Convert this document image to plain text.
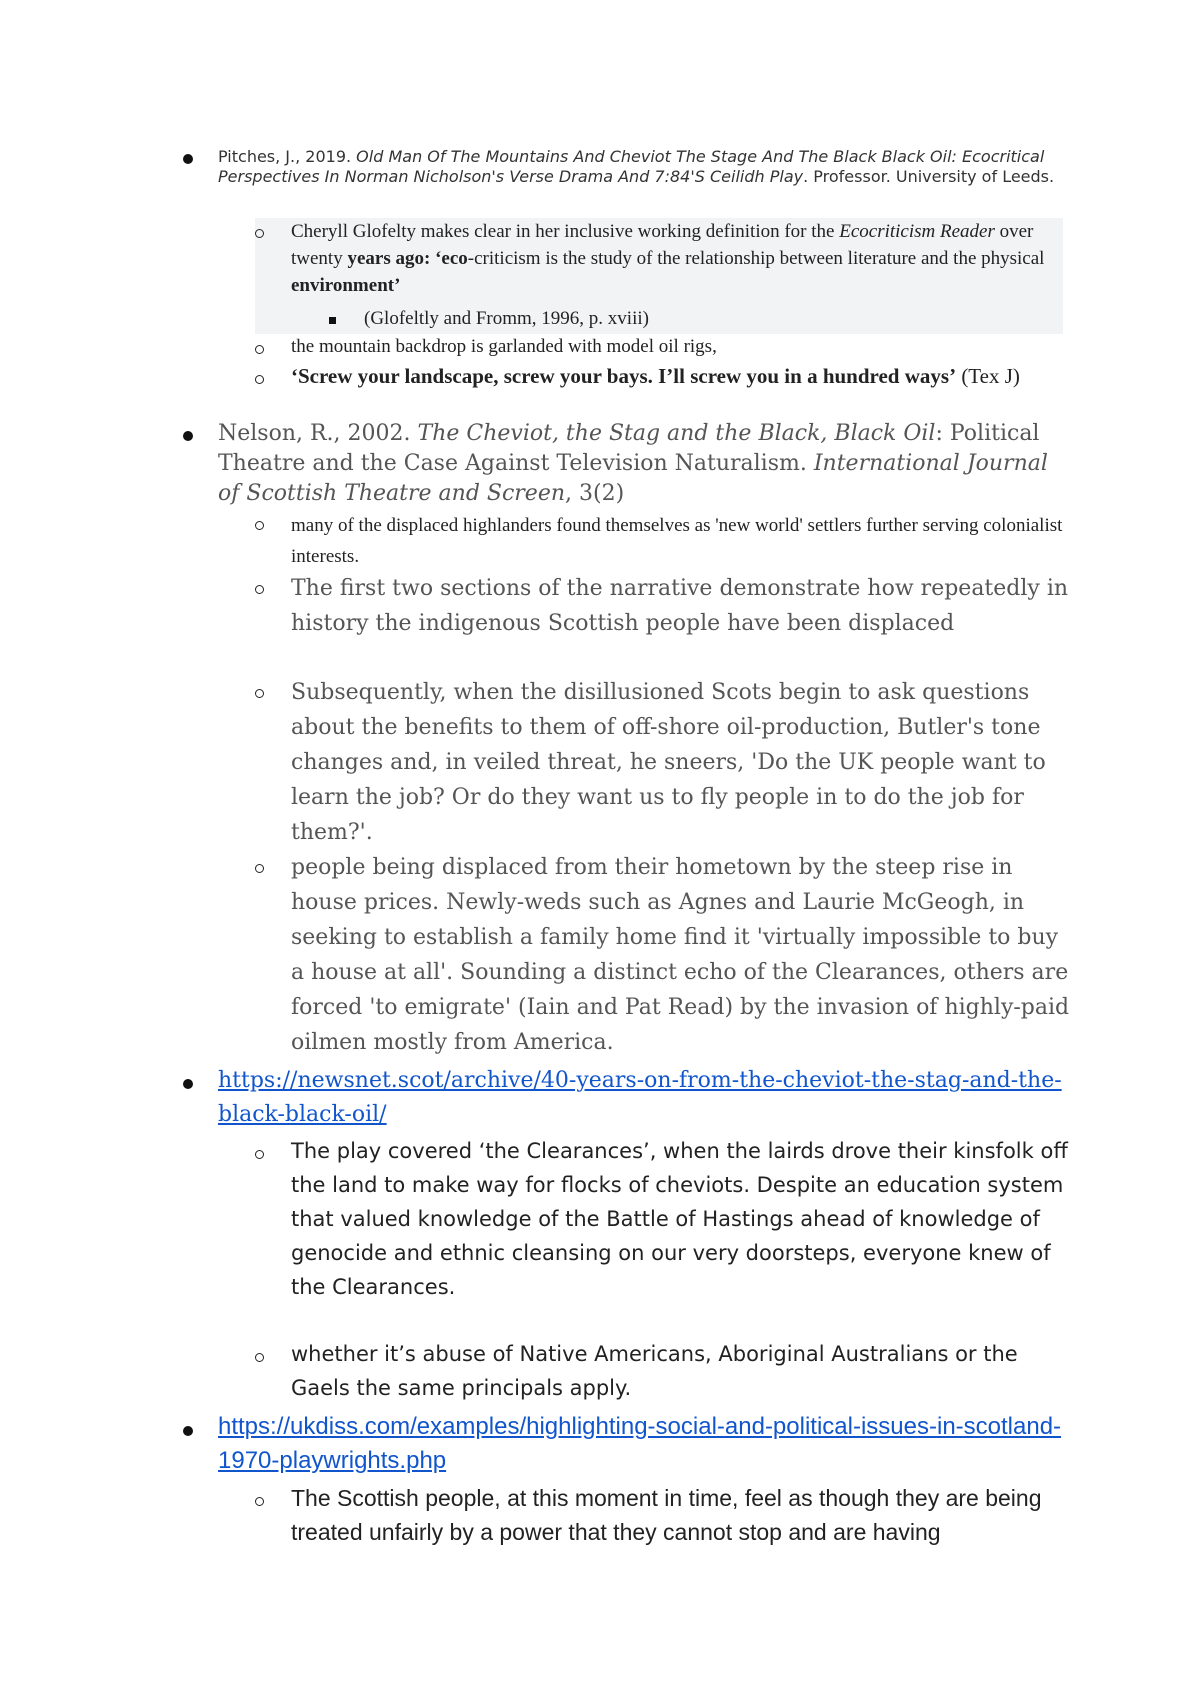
Pitches, J., 2019. Old Man Of The Mountains And Cheviot The Stage And The Black Black Oil: Ecocritical Perspectives In Norman Nicholson's Verse Drama And 7:84'S Ceilidh Play. Professor. University of Leeds.

Cheryll Glofelty makes clear in her inclusive working definition for the Ecocriticism Reader over twenty years ago: ‘eco-criticism is the study of the relationship between literature and the physical environment’

(Glofeltly and Fromm, 1996, p. xviii)

the mountain backdrop is garlanded with model oil rigs,

‘Screw your landscape, screw your bays. I’ll screw you in a hundred ways’ (Tex J)

Nelson, R., 2002. The Cheviot, the Stag and the Black, Black Oil: Political Theatre and the Case Against Television Naturalism. International Journal of Scottish Theatre and Screen, 3(2)

many of the displaced highlanders found themselves as 'new world' settlers further serving colonialist interests.

The first two sections of the narrative demonstrate how repeatedly in history the indigenous Scottish people have been displaced

Subsequently, when the disillusioned Scots begin to ask questions about the benefits to them of off-shore oil-production, Butler's tone changes and, in veiled threat, he sneers, 'Do the UK people want to learn the job? Or do they want us to fly people in to do the job for them?'.

people being displaced from their hometown by the steep rise in house prices. Newly-weds such as Agnes and Laurie McGeogh, in seeking to establish a family home find it 'virtually impossible to buy a house at all'. Sounding a distinct echo of the Clearances, others are forced 'to emigrate' (Iain and Pat Read) by the invasion of highly-paid oilmen mostly from America.

https://newsnet.scot/archive/40-years-on-from-the-cheviot-the-stag-and-the-black-black-oil/

The play covered ‘the Clearances’, when the lairds drove their kinsfolk off the land to make way for flocks of cheviots. Despite an education system that valued knowledge of the Battle of Hastings ahead of knowledge of genocide and ethnic cleansing on our very doorsteps, everyone knew of the Clearances.

whether it’s abuse of Native Americans, Aboriginal Australians or the Gaels the same principals apply.

https://ukdiss.com/examples/highlighting-social-and-political-issues-in-scotland-1970-playwrights.php

The Scottish people, at this moment in time, feel as though they are being treated unfairly by a power that they cannot stop and are having
